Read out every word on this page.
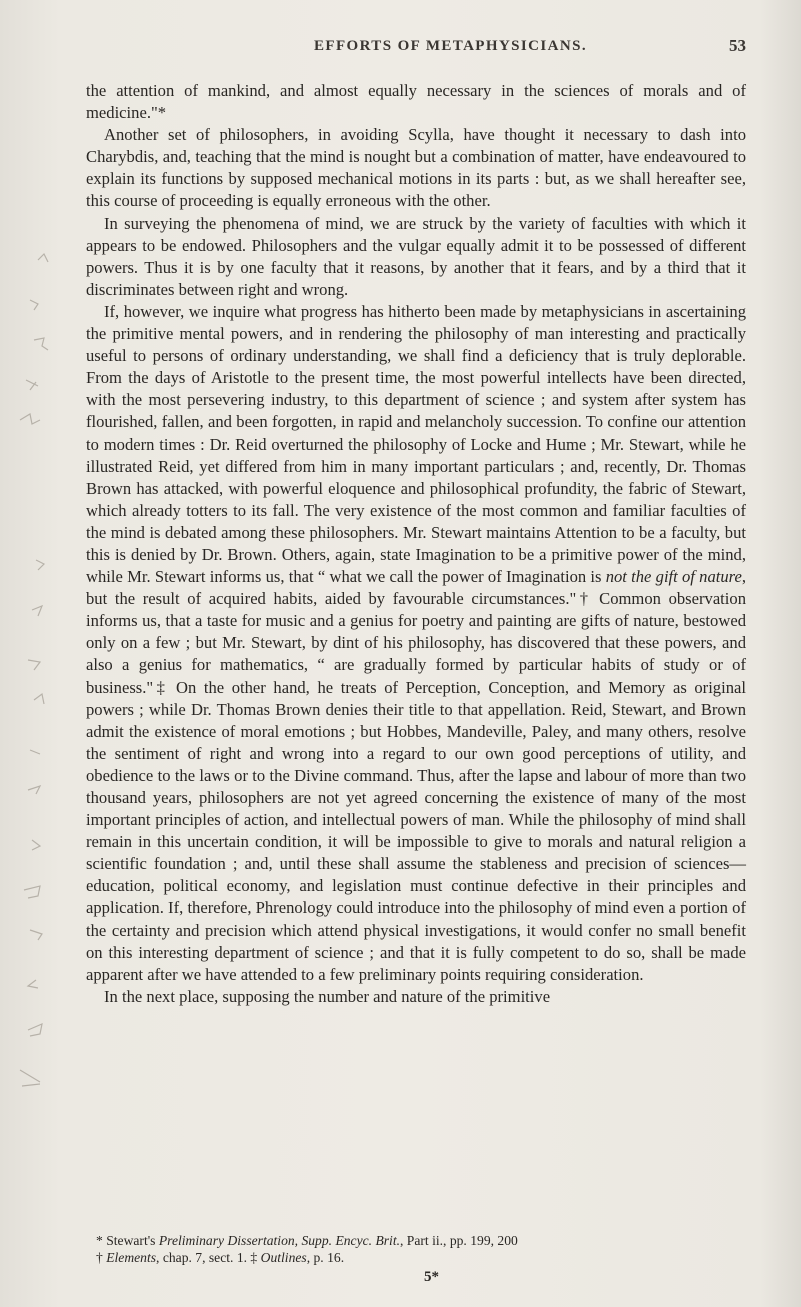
EFFORTS OF METAPHYSICIANS.	53

the attention of mankind, and almost equally necessary in the sciences of morals and of medicine."*

Another set of philosophers, in avoiding Scylla, have thought it necessary to dash into Charybdis, and, teaching that the mind is nought but a combination of matter, have endeavoured to explain its functions by supposed mechanical motions in its parts : but, as we shall hereafter see, this course of proceeding is equally erroneous with the other.

In surveying the phenomena of mind, we are struck by the variety of faculties with which it appears to be endowed. Philosophers and the vulgar equally admit it to be possessed of different powers. Thus it is by one faculty that it reasons, by another that it fears, and by a third that it discriminates between right and wrong.

If, however, we inquire what progress has hitherto been made by metaphysicians in ascertaining the primitive mental powers, and in rendering the philosophy of man interesting and practically useful to persons of ordinary understanding, we shall find a deficiency that is truly deplorable. From the days of Aristotle to the present time, the most powerful intellects have been directed, with the most persevering industry, to this department of science ; and system after system has flourished, fallen, and been forgotten, in rapid and melancholy succession. To confine our attention to modern times : Dr. Reid overturned the philosophy of Locke and Hume ; Mr. Stewart, while he illustrated Reid, yet differed from him in many important particulars ; and, recently, Dr. Thomas Brown has attacked, with powerful eloquence and philosophical profundity, the fabric of Stewart, which already totters to its fall. The very existence of the most common and familiar faculties of the mind is debated among these philosophers. Mr. Stewart maintains Attention to be a faculty, but this is denied by Dr. Brown. Others, again, state Imagination to be a primitive power of the mind, while Mr. Stewart informs us, that “ what we call the power of Imagination is not the gift of nature, but the result of acquired habits, aided by favourable circumstances."† Common observation informs us, that a taste for music and a genius for poetry and painting are gifts of nature, bestowed only on a few ; but Mr. Stewart, by dint of his philosophy, has discovered that these powers, and also a genius for mathematics, “ are gradually formed by particular habits of study or of business."‡ On the other hand, he treats of Perception, Conception, and Memory as original powers ; while Dr. Thomas Brown denies their title to that appellation. Reid, Stewart, and Brown admit the existence of moral emotions ; but Hobbes, Mandeville, Paley, and many others, resolve the sentiment of right and wrong into a regard to our own good perceptions of utility, and obedience to the laws or to the Divine command. Thus, after the lapse and labour of more than two thousand years, philosophers are not yet agreed concerning the existence of many of the most important principles of action, and intellectual powers of man. While the philosophy of mind shall remain in this uncertain condition, it will be impossible to give to morals and natural religion a scientific foundation ; and, until these shall assume the stableness and precision of sciences—education, political economy, and legislation must continue defective in their principles and application. If, therefore, Phrenology could introduce into the philosophy of mind even a portion of the certainty and precision which attend physical investigations, it would confer no small benefit on this interesting department of science ; and that it is fully competent to do so, shall be made apparent after we have attended to a few preliminary points requiring consideration.

In the next place, supposing the number and nature of the primitive

* Stewart's Preliminary Dissertation, Supp. Encyc. Brit., Part ii., pp. 199, 200

† Elements, chap. 7, sect. 1. ‡ Outlines, p. 16.

5*
